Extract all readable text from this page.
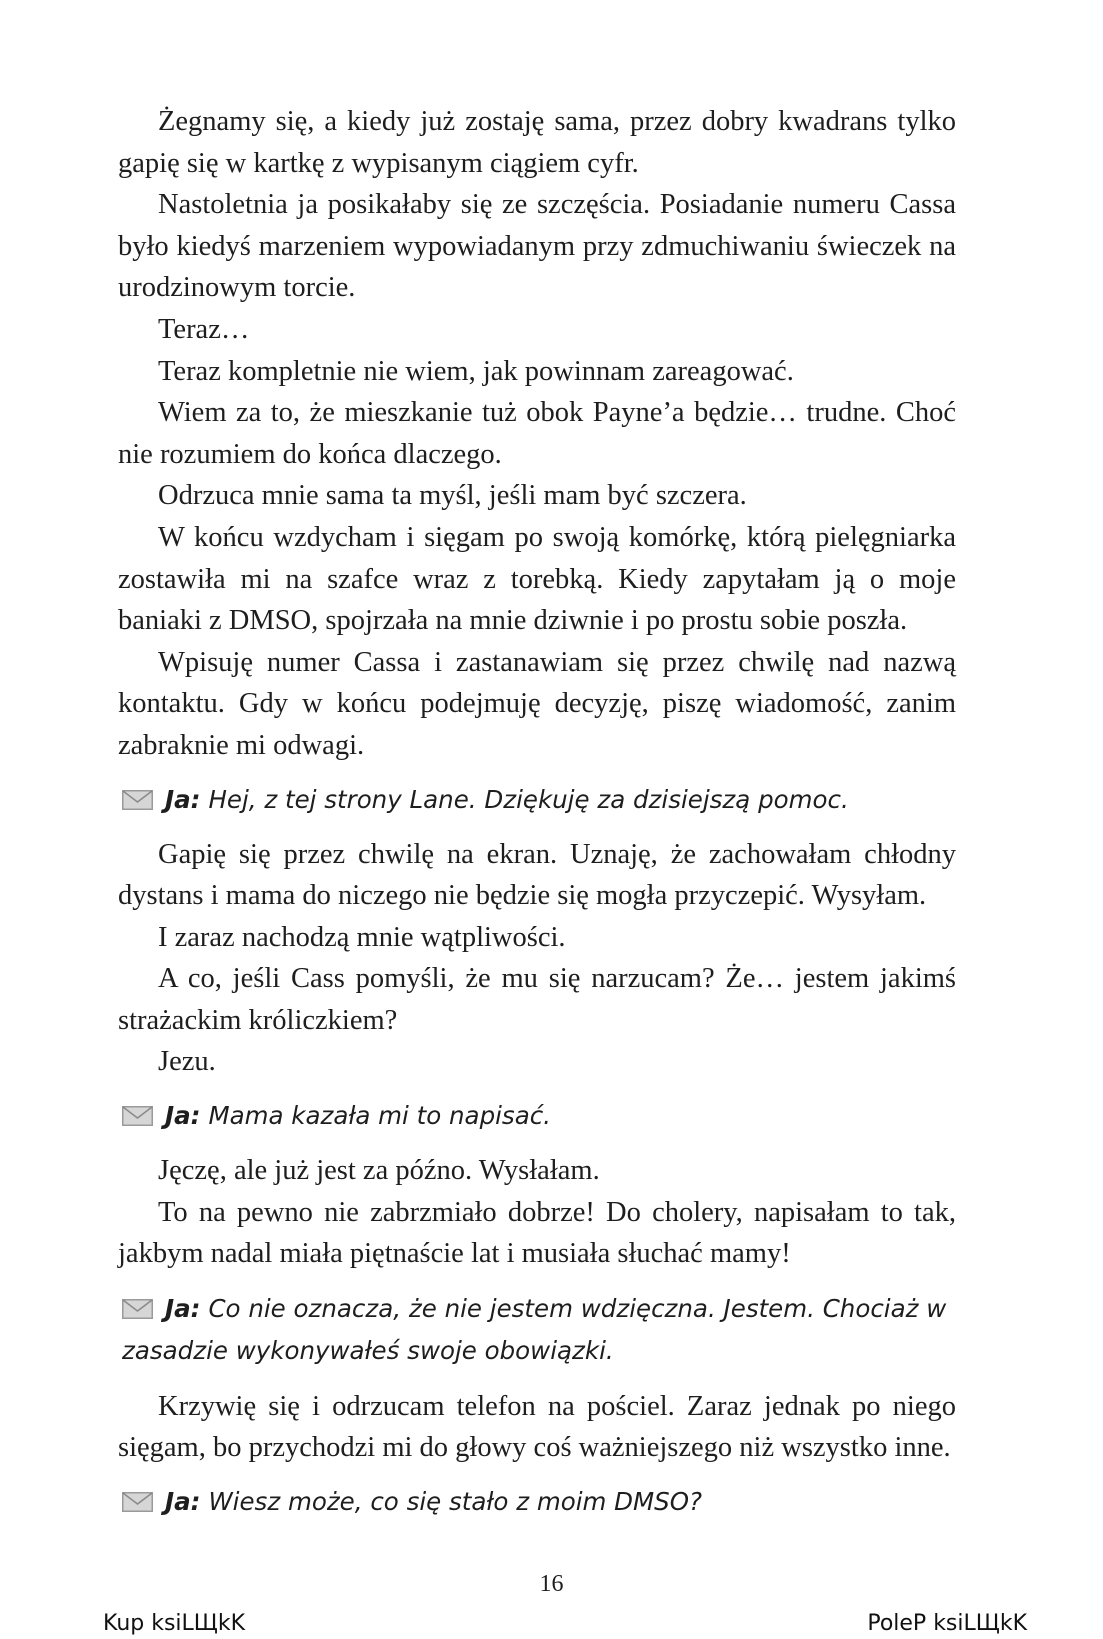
Żegnamy się, a kiedy już zostaję sama, przez dobry kwadrans tylko gapię się w kartkę z wypisanym ciągiem cyfr.

Nastoletnia ja posikałaby się ze szczęścia. Posiadanie numeru Cassa było kiedyś marzeniem wypowiadanym przy zdmuchiwaniu świeczek na urodzinowym torcie.

Teraz…

Teraz kompletnie nie wiem, jak powinnam zareagować.

Wiem za to, że mieszkanie tuż obok Payne’a będzie… trudne. Choć nie rozumiem do końca dlaczego.

Odrzuca mnie sama ta myśl, jeśli mam być szczera.

W końcu wzdycham i sięgam po swoją komórkę, którą pielęgniarka zostawiła mi na szafce wraz z torebką. Kiedy zapytałam ją o moje baniaki z DMSO, spojrzała na mnie dziwnie i po prostu sobie poszła.

Wpisuję numer Cassa i zastanawiam się przez chwilę nad nazwą kontaktu. Gdy w końcu podejmuję decyzję, piszę wiadomość, zanim zabraknie mi odwagi.

Ja: Hej, z tej strony Lane. Dziękuję za dzisiejszą pomoc.

Gapię się przez chwilę na ekran. Uznaję, że zachowałam chłodny dystans i mama do niczego nie będzie się mogła przyczepić. Wysyłam.

I zaraz nachodzą mnie wątpliwości.

A co, jeśli Cass pomyśli, że mu się narzucam? Że… jestem jakimś strażackim króliczkiem?

Jezu.

Ja: Mama kazała mi to napisać.

Jęczę, ale już jest za późno. Wysłałam.

To na pewno nie zabrzmiało dobrze! Do cholery, napisałam to tak, jakbym nadal miała piętnaście lat i musiała słuchać mamy!

Ja: Co nie oznacza, że nie jestem wdzięczna. Jestem. Chociaż w zasadzie wykonywałeś swoje obowiązki.

Krzywię się i odrzucam telefon na pościel. Zaraz jednak po niego sięgam, bo przychodzi mi do głowy coś ważniejszego niż wszystko inne.

Ja: Wiesz może, co się stało z moim DMSO?

16
Kup ksiLЩkK	PoleP ksiLЩkK
